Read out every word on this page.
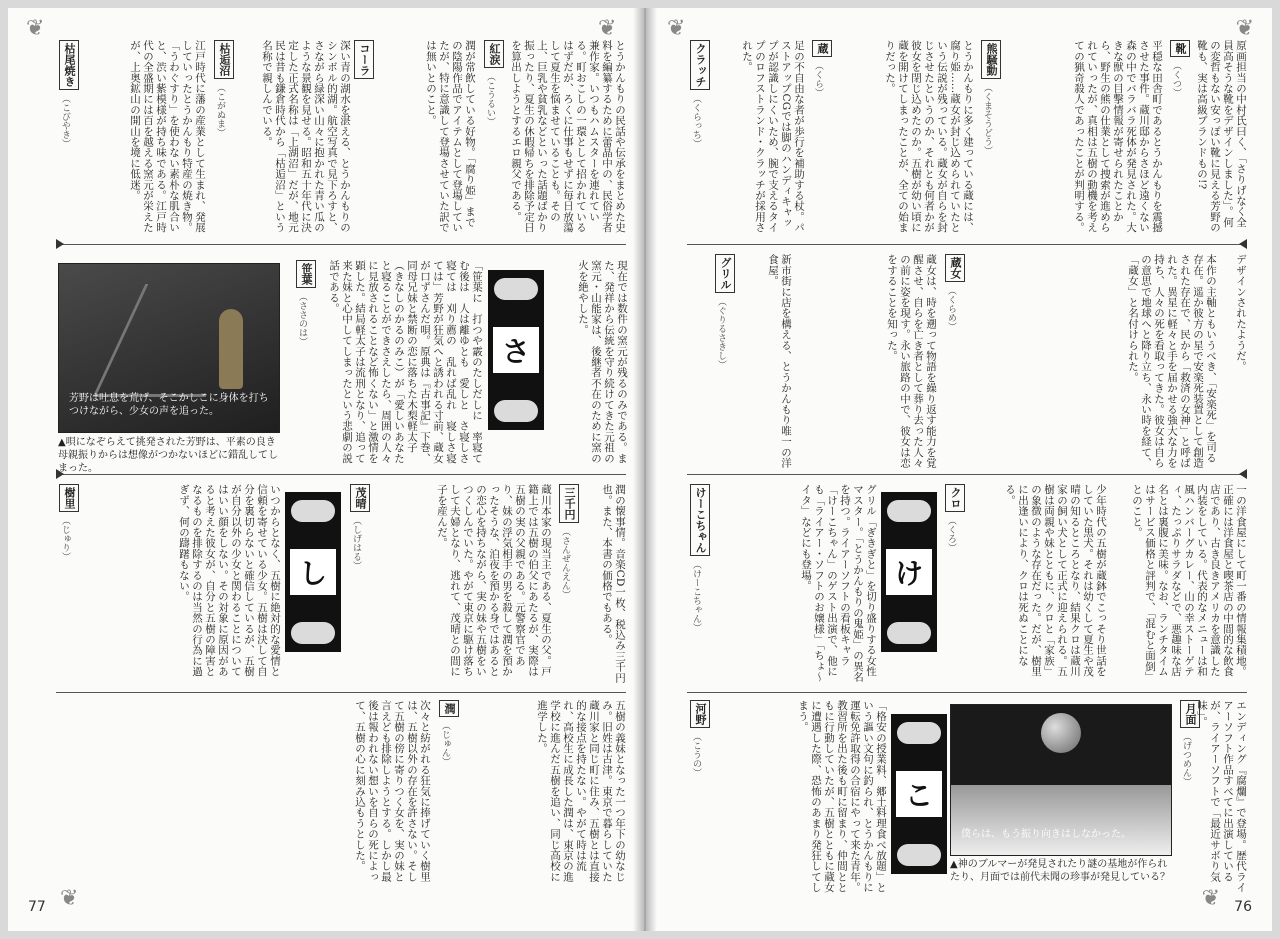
❦	❦
❦
とうかんもりの民話や伝承をまとめた史料を編纂するために蕾晶中の、民俗学者兼作家。いつもハムスターを連れている。町おこしの一環として招かれているはずだが、ろくに仕事もせずに毎日放蕩して夏生を悩ませていることも。その上、巨乳や貧乳などといった話題ばかり振ったり、夏生の休暇帰ちを排除予定日を算出しようとするエロ親父である。
紅涙
（こうるい）
潤が常飲している好物。「腐り姫」までの陰陽作品でアイテムとして登場していたが、特に意識して登場させていた訳では無いとのこと。
コーラ
深い青の湖水を湛える、とうかんもりのシンボル的湖。航空写真で見下ろすと、さながら緑深い山々に抱かれた青い瓜のような景観を見せる。昭和五十年代に決定した正式名称は「上湖沼」だが、地元民は昔も鎌倉時代から「枯逅沼」という名称で親しんでいる。
枯逅沼
（こがぬま）
江戸時代に藩の産業として生まれ、発展していったとうかんもり特産の焼き物。「うわぐすり」を使わない素朴な肌合いと、渋い紫模様が持ち味である。江戸時代の全盛期には百を越える窯元が栄えたが、上奥鉱山の開山を境に低迷。
枯尾焼き
（こびやき）
芳野は吐息を荒げ、そこかしこに身体を打ちつけながら、少女の声を追った。
▲唄になぞらえて挑発された芳野は、平素の良き母親振りからは想像がつかないほどに錯乱してしまった。
現在では数件の窯元が残るのみである。また、発祥から伝統を守り続けてきた元祖の窯元・山能家は、後継者不在のために窯の火を絶やした。
さ
「笹葉に　打つや霰のたしだしに　率寝てむ後は　人は離ゆとも　愛しと　さ寝しさ寝ては　刈り薦の　乱れば乱れ　寝しさ寝ては」芳野が狂気へと誘われる寸前、蔵女が口ずさんだ唄。原典は『古事記』下巻、同母兄妹と禁断の恋に落ちた木梨軽太子（きなしのかるのみこ）が「愛しいあなたと寝ることができさえしたら、周囲の人々に見放されることなど怖くない」と激情を顕した。結局軽太子は流刑となり、追って来た妹と心中してしまったという悲劇の説話である。
笹葉
（ささのは）
潤の懐事情。音楽CD一枚、税込み三千円也。また、本書の価格でもある。
三千円
（さんぜんえん）
蔵川本家の現当主である、夏生の父。戸籍上では五樹の伯父にあたるが、実際は五樹の実の父親である。元警察官であり、妹の浮気相手の男を殺して潤を預かったそうな、泊夜を預かる身ではあるとの恋心を持ちながら、実の妹や五樹をいつくしんでいた。やがて東京に駆け落ちして夫婦となり、逃れて、茂晴との間に子を産んだ。
茂晴
（しげはる）
し
いつからとなく、五樹に絶対的な愛情と信頼を寄せている少女。五樹は決して自分を裏切らないと確信しているが、五樹が自分以外の少女と関わることについてはいい顔をしない。その対象に原因があると考えた彼女が、自分と五樹の障害となるものを排除するのは当然の行為に過ぎず、何の躊躇もない。
樹里
（じゅり）
五樹の義妹となった一つ年下の幼なじみ。旧姓は古津。東京で暮らしていた蔵川家と同じ町に住み、五樹とは直接的な接点を持たない。やがて時は流れ、高校生に成長した潤は、東京の進学校に進んだ五樹を追い、同じ高校に進学した。
潤
（じゅん）
次々と紡がれる狂気に捧げていく樹里は、五樹以外の存在を許さない。そして五樹の傍に寄りつく女を、実の妹と言えども排除しようとする。しかし最後は報われない想いを自らの死によって、五樹の心に刻み込もうとした。
77
❦	❦
❦
原画担当の中村氏曰く、「さりげなく全員高そうな靴をデザインしました」。何の変哲もない安っぽい靴に見える芳野の靴も、実は高級ブランドもの!?
靴
（くつ）
平穏な田舎町であるとうかんもりを震撼させた事件。蔵川邸からさほど遠くない森の中でバラバラ死体が発見された。大きな獣の目撃情報が寄せられたことから、野生の熊の仕業として捜索が進められていったが、真相は五樹の動機を考えての猟奇殺人であったことが判明する。
熊騒動
（くまそうどう）
とうかんもりに多く建っている蔵には、腐り姫……蔵女が封じ込められていたという伝説が残っている。蔵女が自らを封じさせたというのか、それとも何者かが彼女を閉じ込めたのか。五樹が幼い頃に蔵を開けてしまったことが、全ての始まりだった。
蔵
（くら）
足の不自由な者が歩行を補助する杖。パストアップCGでは脚のハンディキャップが認識しにくいため、腕で支えるタイプのロフストランド・クラッチが採用された。
クラッチ
（くらっち）
デザインされたようだ。
本作の主軸ともいうべき、「安楽死」を司る存在。遥か彼方の星で安楽死装置として創造された存在で、民から「救済の女神」と呼ばれた。異星に軽々と手を届かせる強大な力を持ち、人々の死を看取ってきた。彼女は自らの意思で地球へと降り立ち、永い時を経て、「蔵女」と名付けられた。
蔵女
（くらめ）
蔵女は、時を遡って物語を繰り返す能力を覚醒させ、自らを亡き者として葬り去った人々の前に姿を現す。永い旅路の中で、彼女は恋をすることを知った。
新市街に店を構える、とうかんもり唯一の洋食屋。
グリル
（ぐりるさきし）
一の洋食屋にして町一番の情報集積地。正確には洋食屋と喫茶店の中間的な飲食店であり、古き良きアメリカを意識した内装をしている。代表的なメニューは和風ハンバーグカレー、山の幸ストーゲティ、たっぷりサラダなどで、悪趣味な店名とは裏腹に美味。なお、ランチタイムはサービス価格と評判で、「混むと面倒」とのこと。
少年時代の五樹が蔵鉢でこっそり世話をしていた黒犬。それは幼くして夏生や茂晴の知るところとなり、結果クロは蔵川家の飼い犬として正式に迎えられる。五樹は両親や妹とともに、クロと「家族」の象徴のような存在だった。だが、樹里に出逢いにより、クロは死ぬことになる。
クロ
（くろ）
け
グリル「ぎきぎと」を切り盛りする女性マスター。「とうかんもりの鬼姫」の異名を持つ。ライアーソフトの看板キャラ「けーこちゃん」のゲスト出演で、他にも「ライアー・ソフトのお嬢様」「ちょ〜イタ」などにも登場。
けーこちゃん
（けーこちゃん）
エンディング『腐爛』で登場。歴代ライアーソフト作品すべてに出演しているが、ライアーソフトで「最近サボり気味」。
月面
（げつめん）
僕らは、もう振り向きはしなかった。
▲神のブルマーが発見されたり謎の基地が作られたり、月面では前代未聞の珍事が発見している？
こ
「格安の授業料、郷土料理食べ放題」という謳い文句に釣られ、とうかんもりに運転免許取得の合宿にやって来た青年。教習所を出た後も町に留まり、仲間とともに行動していたが、五樹とともに蔵女に遭遇した際、恐怖のあまり発狂してしまう。
河野
（こうの）
76
